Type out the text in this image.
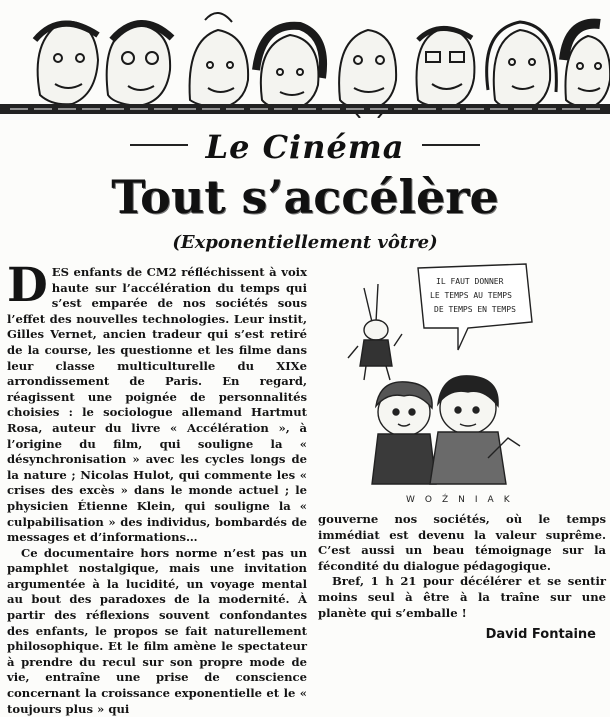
Le Cinéma
Tout s’accélère
(Exponentiellement vôtre)

DES enfants de CM2 réfléchissent à voix haute sur l’accélération du temps qui s’est emparée de nos sociétés sous l’effet des nouvelles technologies. Leur instit, Gilles Vernet, ancien tradeur qui s’est retiré de la course, les questionne et les filme dans leur classe multiculturelle du XIXe arrondissement de Paris. En regard, réagissent une poignée de personnalités choisies : le sociologue allemand Hartmut Rosa, auteur du livre « Accélération », à l’origine du film, qui souligne la « désynchronisation » avec les cycles longs de la nature ; Nicolas Hulot, qui commente les « crises des excès » dans le monde actuel ; le physicien Étienne Klein, qui souligne la « culpabilisation » des individus, bombardés de messages et d’informations…

Ce documentaire hors norme n’est pas un pamphlet nostalgique, mais une invitation argumentée à la lucidité, un voyage mental au bout des paradoxes de la modernité. À partir des réflexions souvent confondantes des enfants, le propos se fait naturellement philosophique. Et le film amène le spectateur à prendre du recul sur son propre mode de vie, entraîne une prise de conscience concernant la croissance exponentielle et le « toujours plus » qui

IL FAUT DONNER
LE TEMPS AU TEMPS
DE TEMPS EN TEMPS
WOŹNIAK

gouverne nos sociétés, où le temps immédiat est devenu la valeur suprême. C’est aussi un beau témoignage sur la fécondité du dialogue pédagogique.

Bref, 1 h 21 pour décélérer et se sentir moins seul à être à la traîne sur une planète qui s’emballe !

David Fontaine
